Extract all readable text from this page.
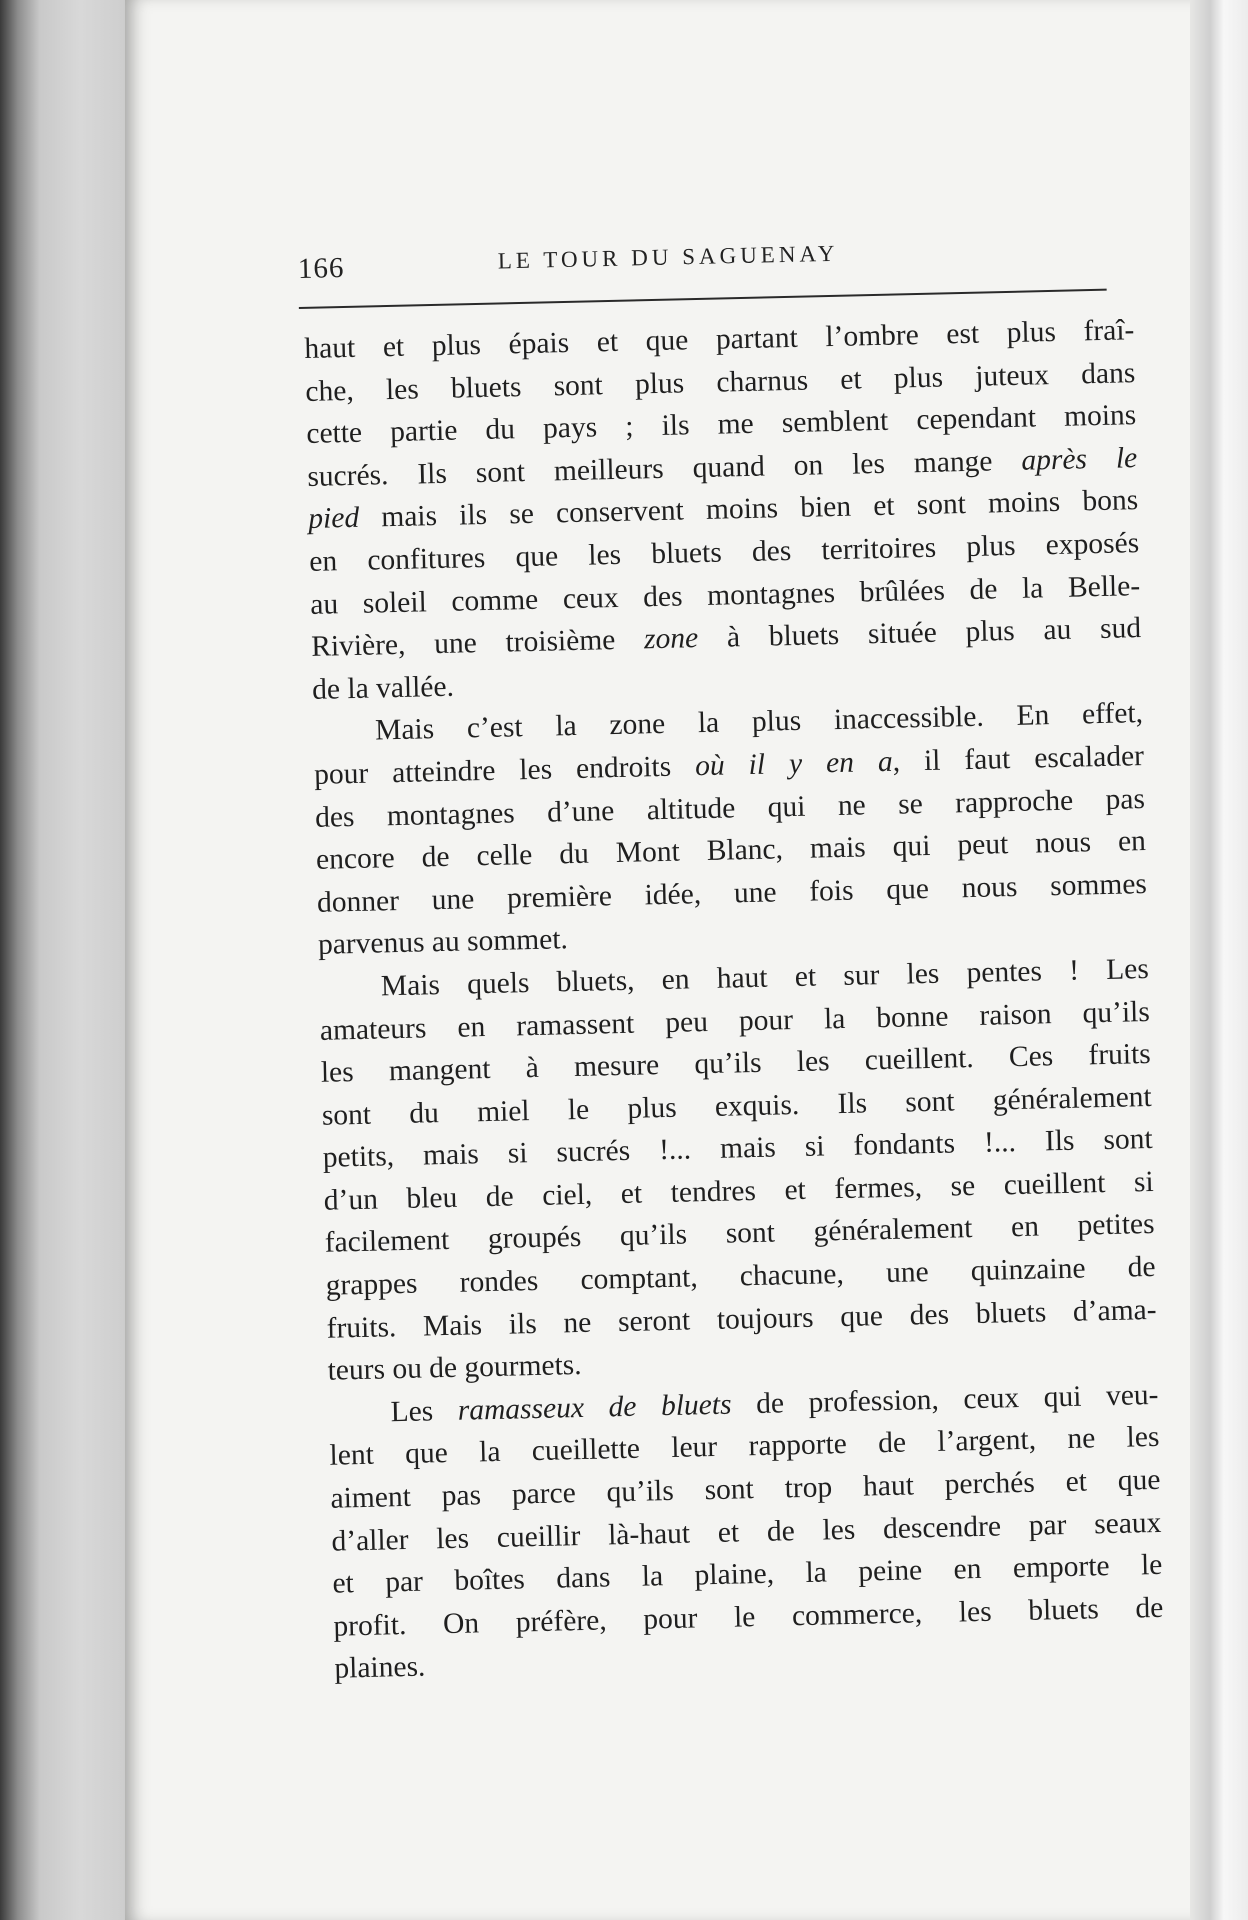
166	LE TOUR DU SAGUENAY
haut et plus épais et que partant l’ombre est plus fraî-
che, les bluets sont plus charnus et plus juteux dans
cette partie du pays ; ils me semblent cependant moins
sucrés. Ils sont meilleurs quand on les mange après le
pied mais ils se conservent moins bien et sont moins bons
en confitures que les bluets des territoires plus exposés
au soleil comme ceux des montagnes brûlées de la Belle-
Rivière, une troisième zone à bluets située plus au sud
de la vallée.
Mais c’est la zone la plus inaccessible. En effet,
pour atteindre les endroits où il y en a, il faut escalader
des montagnes d’une altitude qui ne se rapproche pas
encore de celle du Mont Blanc, mais qui peut nous en
donner une première idée, une fois que nous sommes
parvenus au sommet.
Mais quels bluets, en haut et sur les pentes ! Les
amateurs en ramassent peu pour la bonne raison qu’ils
les mangent à mesure qu’ils les cueillent. Ces fruits
sont du miel le plus exquis. Ils sont généralement
petits, mais si sucrés !... mais si fondants !... Ils sont
d’un bleu de ciel, et tendres et fermes, se cueillent si
facilement groupés qu’ils sont généralement en petites
grappes rondes comptant, chacune, une quinzaine de
fruits. Mais ils ne seront toujours que des bluets d’ama-
teurs ou de gourmets.
Les ramasseux de bluets de profession, ceux qui veu-
lent que la cueillette leur rapporte de l’argent, ne les
aiment pas parce qu’ils sont trop haut perchés et que
d’aller les cueillir là-haut et de les descendre par seaux
et par boîtes dans la plaine, la peine en emporte le
profit. On préfère, pour le commerce, les bluets de
plaines.
